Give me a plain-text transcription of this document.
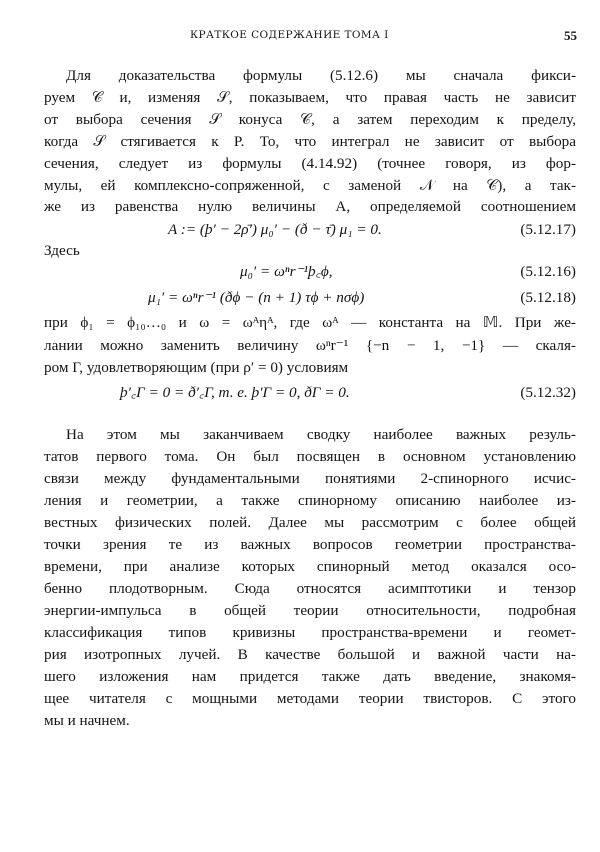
КРАТКОЕ СОДЕРЖАНИЕ ТОМА I	55
Для доказательства формулы (5.12.6) мы сначала фикси-
руем 𝒞 и, изменяя 𝒮, показываем, что правая часть не зависит
от выбора сечения 𝒮 конуса 𝒞, а затем переходим к пределу,
когда 𝒮 стягивается к P. То, что интеграл не зависит от выбора
сечения, следует из формулы (4.14.92) (точнее говоря, из фор-
мулы, ей комплексно-сопряженной, с заменой 𝒩 на 𝒞), а так-
же из равенства нулю величины A, определяемой соотношением
A := (þ′ − 2ρ̄′) μ₀′ − (ð − τ̄) μ₁ = 0.	(5.12.17)
Здесь
μ₀′ = ωⁿr⁻¹þ꜀ϕ,	(5.12.16)
μ₁′ = ωⁿr⁻¹ (ðϕ − (n + 1) τϕ + nσϕ)	(5.12.18)
при ϕ₁ = ϕ₁₀…₀ и ω = ωᴬηᴬ, где ωᴬ — константа на 𝕄. При же-
лании можно заменить величину ωⁿr⁻¹ {−n − 1, −1} — скаля-
ром Γ, удовлетворяющим (при ρ′ = 0) условиям
þ′꜀Γ = 0 = ð′꜀Γ, т. е. þ′Γ = 0, ðΓ = 0.	(5.12.32)
На этом мы заканчиваем сводку наиболее важных резуль-
татов первого тома. Он был посвящен в основном установлению
связи между фундаментальными понятиями 2-спинорного исчис-
ления и геометрии, а также спинорному описанию наиболее из-
вестных физических полей. Далее мы рассмотрим с более общей
точки зрения те из важных вопросов геометрии пространства-
времени, при анализе которых спинорный метод оказался осо-
бенно плодотворным. Сюда относятся асимптотики и тензор
энергии-импульса в общей теории относительности, подробная
классификация типов кривизны пространства-времени и геомет-
рия изотропных лучей. В качестве большой и важной части на-
шего изложения нам придется также дать введение, знакомя-
щее читателя с мощными методами теории твисторов. С этого
мы и начнем.
